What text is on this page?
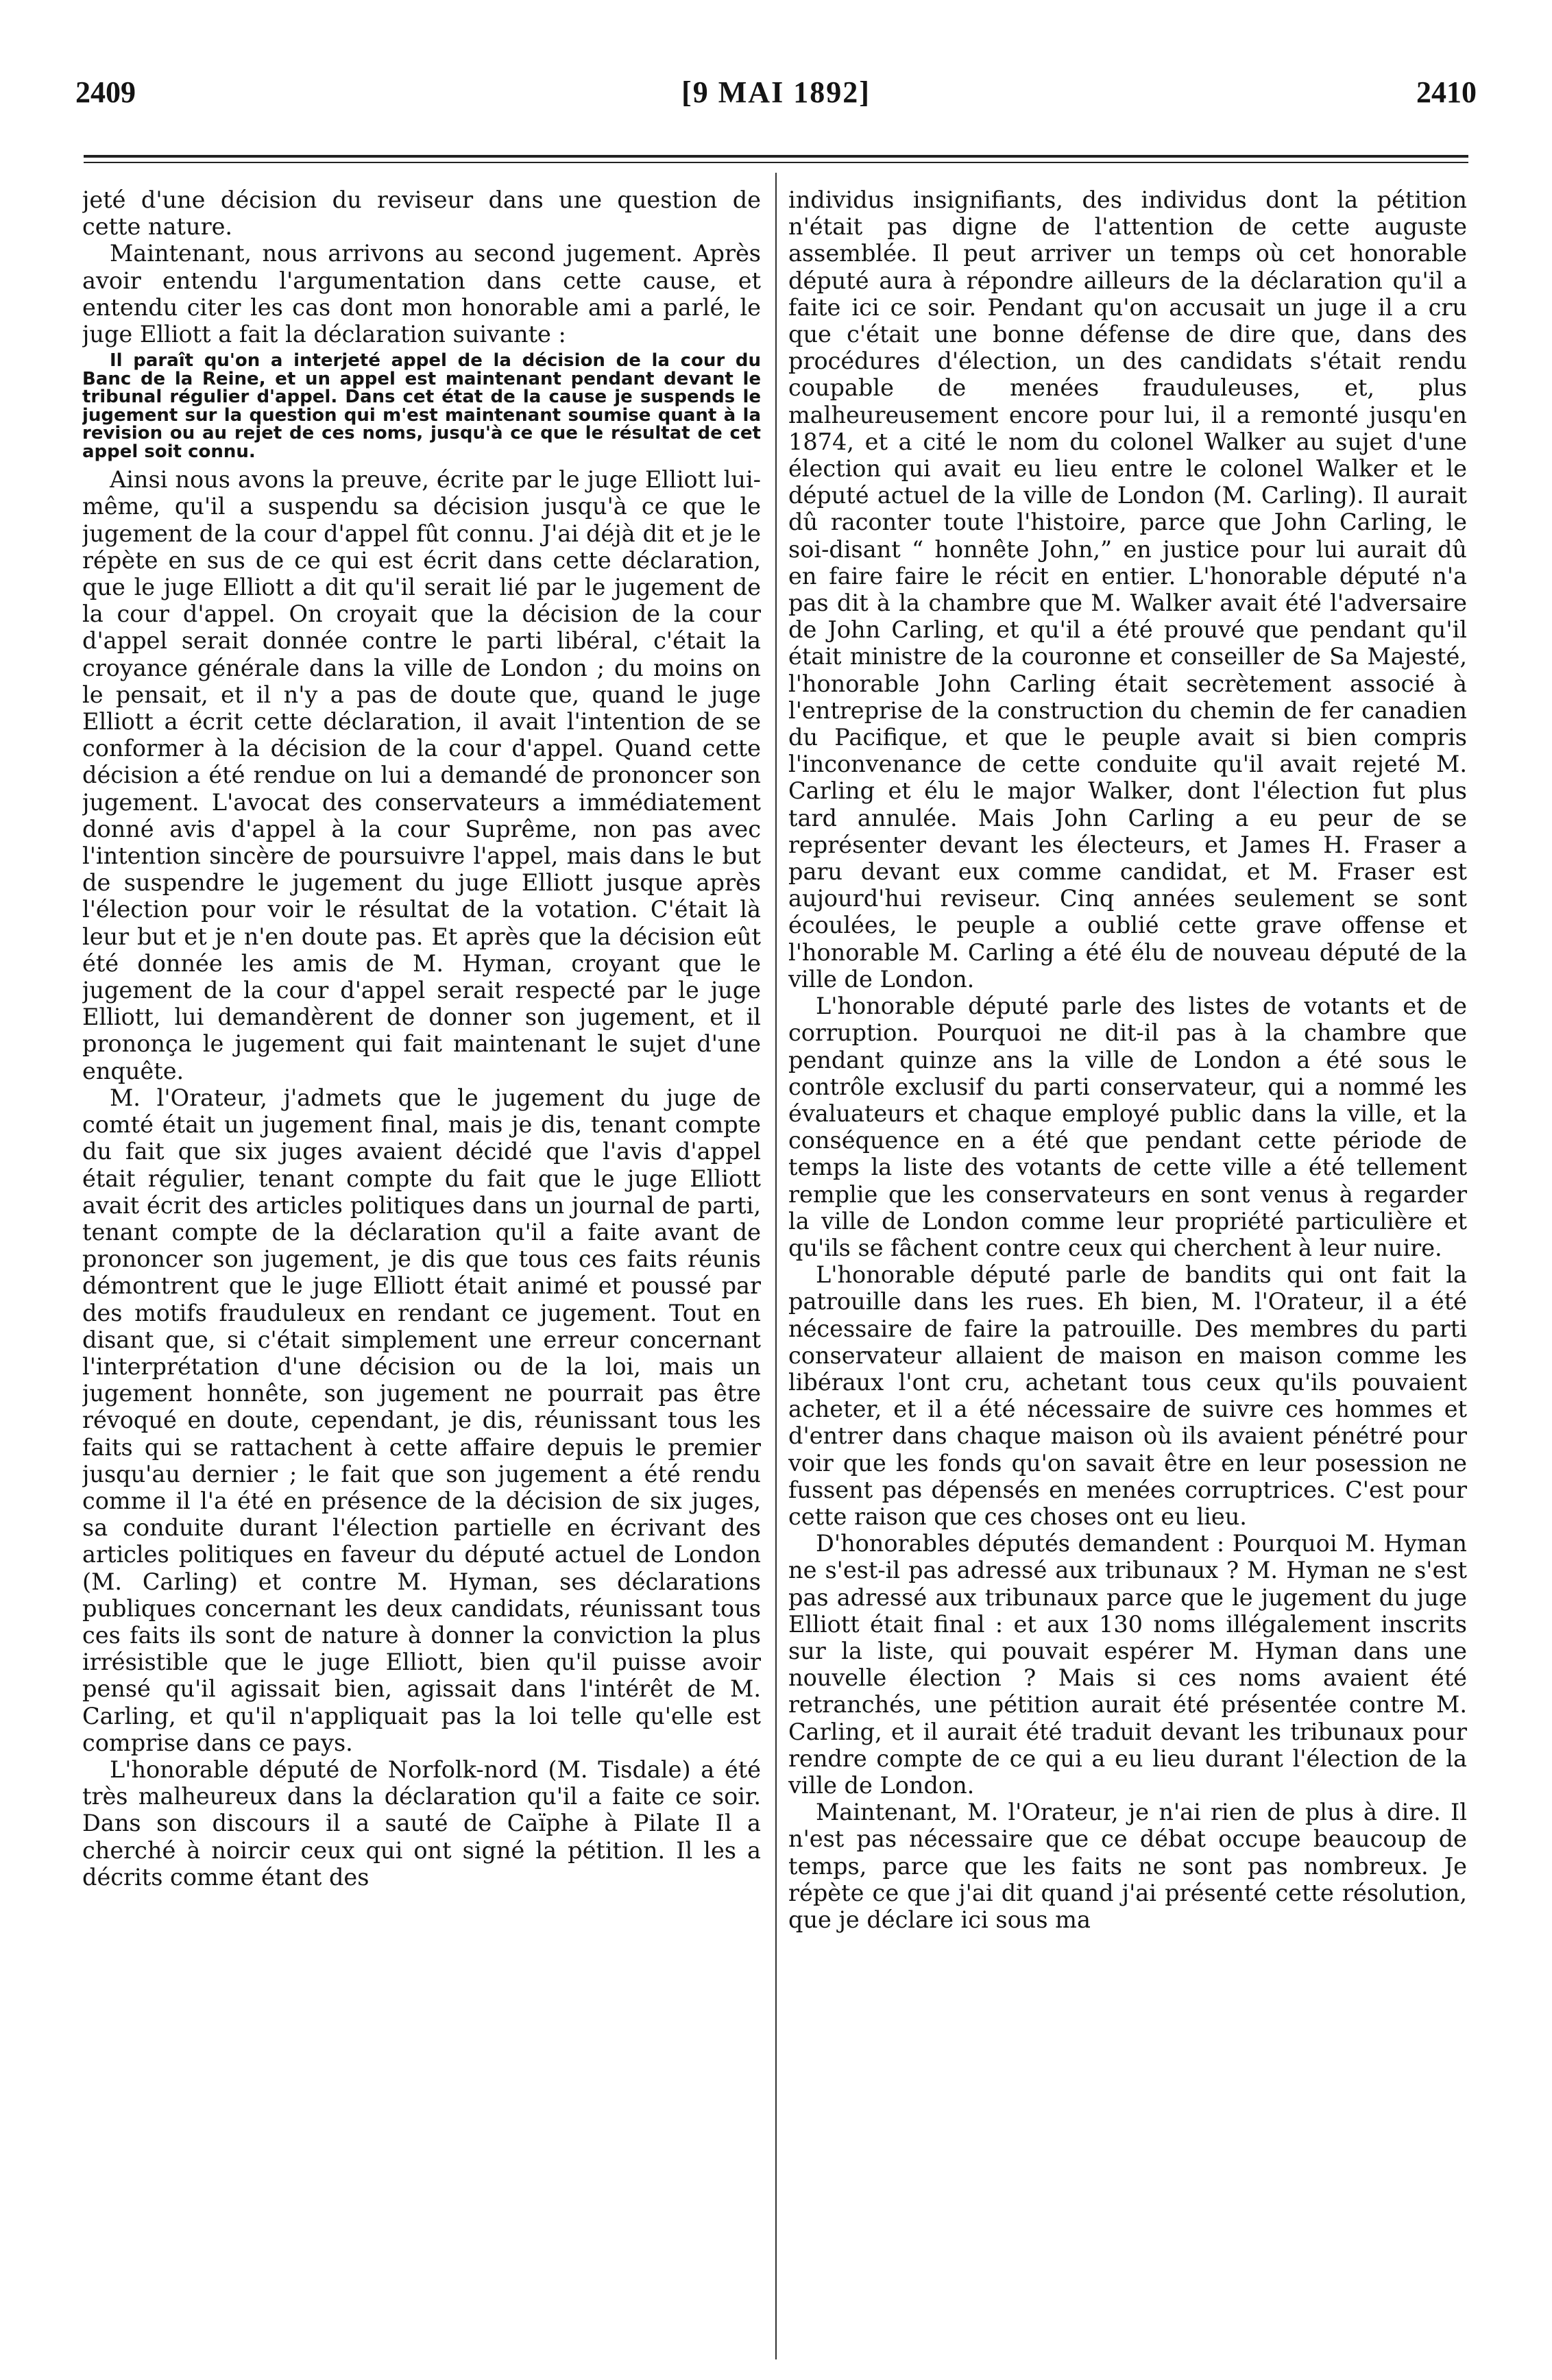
2409	[9 MAI 1892]	2410

jeté d'une décision du reviseur dans une question de cette nature.

Maintenant, nous arrivons au second jugement. Après avoir entendu l'argumentation dans cette cause, et entendu citer les cas dont mon honorable ami a parlé, le juge Elliott a fait la déclaration suivante :

Il paraît qu'on a interjeté appel de la décision de la cour du Banc de la Reine, et un appel est maintenant pendant devant le tribunal régulier d'appel. Dans cet état de la cause je suspends le jugement sur la question qui m'est maintenant soumise quant à la revision ou au rejet de ces noms, jusqu'à ce que le résultat de cet appel soit connu.

Ainsi nous avons la preuve, écrite par le juge Elliott lui-même, qu'il a suspendu sa décision jusqu'à ce que le jugement de la cour d'appel fût connu. J'ai déjà dit et je le répète en sus de ce qui est écrit dans cette déclaration, que le juge Elliott a dit qu'il serait lié par le jugement de la cour d'appel. On croyait que la décision de la cour d'appel serait donnée contre le parti libéral, c'était la croyance générale dans la ville de London ; du moins on le pensait, et il n'y a pas de doute que, quand le juge Elliott a écrit cette déclaration, il avait l'intention de se conformer à la décision de la cour d'appel. Quand cette décision a été rendue on lui a demandé de prononcer son jugement. L'avocat des conservateurs a immédiatement donné avis d'appel à la cour Suprême, non pas avec l'intention sincère de poursuivre l'appel, mais dans le but de suspendre le jugement du juge Elliott jusque après l'élection pour voir le résultat de la votation. C'était là leur but et je n'en doute pas. Et après que la décision eût été donnée les amis de M. Hyman, croyant que le jugement de la cour d'appel serait respecté par le juge Elliott, lui demandèrent de donner son jugement, et il prononça le jugement qui fait maintenant le sujet d'une enquête.

M. l'Orateur, j'admets que le jugement du juge de comté était un jugement final, mais je dis, tenant compte du fait que six juges avaient décidé que l'avis d'appel était régulier, tenant compte du fait que le juge Elliott avait écrit des articles politiques dans un journal de parti, tenant compte de la déclaration qu'il a faite avant de prononcer son jugement, je dis que tous ces faits réunis démontrent que le juge Elliott était animé et poussé par des motifs frauduleux en rendant ce jugement. Tout en disant que, si c'était simplement une erreur concernant l'interprétation d'une décision ou de la loi, mais un jugement honnête, son jugement ne pourrait pas être révoqué en doute, cependant, je dis, réunissant tous les faits qui se rattachent à cette affaire depuis le premier jusqu'au dernier ; le fait que son jugement a été rendu comme il l'a été en présence de la décision de six juges, sa conduite durant l'élection partielle en écrivant des articles politiques en faveur du député actuel de London (M. Carling) et contre M. Hyman, ses déclarations publiques concernant les deux candidats, réunissant tous ces faits ils sont de nature à donner la conviction la plus irrésistible que le juge Elliott, bien qu'il puisse avoir pensé qu'il agissait bien, agissait dans l'intérêt de M. Carling, et qu'il n'appliquait pas la loi telle qu'elle est comprise dans ce pays.

L'honorable député de Norfolk-nord (M. Tisdale) a été très malheureux dans la déclaration qu'il a faite ce soir. Dans son discours il a sauté de Caïphe à Pilate Il a cherché à noircir ceux qui ont signé la pétition. Il les a décrits comme étant des

individus insignifiants, des individus dont la pétition n'était pas digne de l'attention de cette auguste assemblée. Il peut arriver un temps où cet honorable député aura à répondre ailleurs de la déclaration qu'il a faite ici ce soir. Pendant qu'on accusait un juge il a cru que c'était une bonne défense de dire que, dans des procédures d'élection, un des candidats s'était rendu coupable de menées frauduleuses, et, plus malheureusement encore pour lui, il a remonté jusqu'en 1874, et a cité le nom du colonel Walker au sujet d'une élection qui avait eu lieu entre le colonel Walker et le député actuel de la ville de London (M. Carling). Il aurait dû raconter toute l'histoire, parce que John Carling, le soi-disant “ honnête John,” en justice pour lui aurait dû en faire faire le récit en entier. L'honorable député n'a pas dit à la chambre que M. Walker avait été l'adversaire de John Carling, et qu'il a été prouvé que pendant qu'il était ministre de la couronne et conseiller de Sa Majesté, l'honorable John Carling était secrètement associé à l'entreprise de la construction du chemin de fer canadien du Pacifique, et que le peuple avait si bien compris l'inconvenance de cette conduite qu'il avait rejeté M. Carling et élu le major Walker, dont l'élection fut plus tard annulée. Mais John Carling a eu peur de se représenter devant les électeurs, et James H. Fraser a paru devant eux comme candidat, et M. Fraser est aujourd'hui reviseur. Cinq années seulement se sont écoulées, le peuple a oublié cette grave offense et l'honorable M. Carling a été élu de nouveau député de la ville de London.

L'honorable député parle des listes de votants et de corruption. Pourquoi ne dit-il pas à la chambre que pendant quinze ans la ville de London a été sous le contrôle exclusif du parti conservateur, qui a nommé les évaluateurs et chaque employé public dans la ville, et la conséquence en a été que pendant cette période de temps la liste des votants de cette ville a été tellement remplie que les conservateurs en sont venus à regarder la ville de London comme leur propriété particulière et qu'ils se fâchent contre ceux qui cherchent à leur nuire.

L'honorable député parle de bandits qui ont fait la patrouille dans les rues. Eh bien, M. l'Orateur, il a été nécessaire de faire la patrouille. Des membres du parti conservateur allaient de maison en maison comme les libéraux l'ont cru, achetant tous ceux qu'ils pouvaient acheter, et il a été nécessaire de suivre ces hommes et d'entrer dans chaque maison où ils avaient pénétré pour voir que les fonds qu'on savait être en leur posession ne fussent pas dépensés en menées corruptrices. C'est pour cette raison que ces choses ont eu lieu.

D'honorables députés demandent : Pourquoi M. Hyman ne s'est-il pas adressé aux tribunaux ? M. Hyman ne s'est pas adressé aux tribunaux parce que le jugement du juge Elliott était final : et aux 130 noms illégalement inscrits sur la liste, qui pouvait espérer M. Hyman dans une nouvelle élection ? Mais si ces noms avaient été retranchés, une pétition aurait été présentée contre M. Carling, et il aurait été traduit devant les tribunaux pour rendre compte de ce qui a eu lieu durant l'élection de la ville de London.

Maintenant, M. l'Orateur, je n'ai rien de plus à dire. Il n'est pas nécessaire que ce débat occupe beaucoup de temps, parce que les faits ne sont pas nombreux. Je répète ce que j'ai dit quand j'ai présenté cette résolution, que je déclare ici sous ma
